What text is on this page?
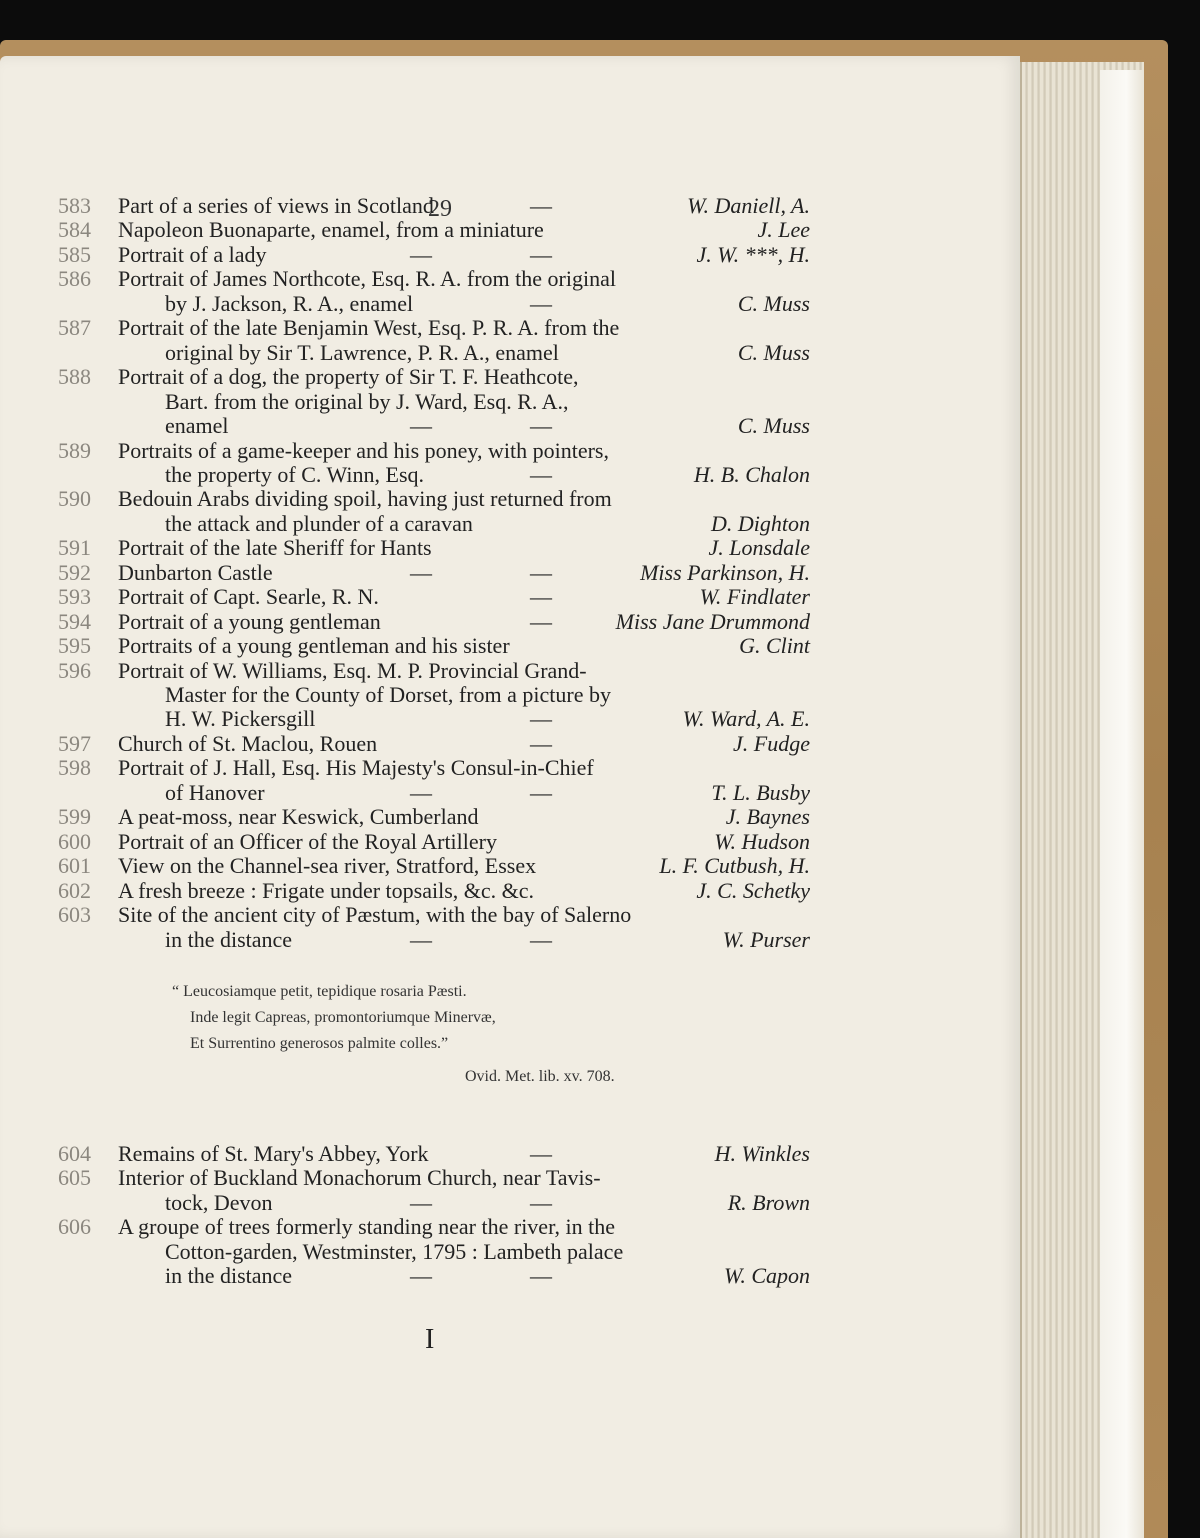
29
583	Part of a series of views in Scotland	—	W. Daniell, A.
584	Napoleon Buonaparte, enamel, from a miniature	J. Lee
585	Portrait of a lady	—	—	J. W. ***, H.
586	Portrait of James Northcote, Esq. R. A. from the original
by J. Jackson, R. A., enamel	—	C. Muss
587	Portrait of the late Benjamin West, Esq. P. R. A. from the
original by Sir T. Lawrence, P. R. A., enamel	C. Muss
588	Portrait of a dog, the property of Sir T. F. Heathcote,
Bart. from the original by J. Ward, Esq. R. A.,
enamel	—	—	C. Muss
589	Portraits of a game-keeper and his poney, with pointers,
the property of C. Winn, Esq.	—	H. B. Chalon
590	Bedouin Arabs dividing spoil, having just returned from
the attack and plunder of a caravan	D. Dighton
591	Portrait of the late Sheriff for Hants	J. Lonsdale
592	Dunbarton Castle	—	—	Miss Parkinson, H.
593	Portrait of Capt. Searle, R. N.	—	W. Findlater
594	Portrait of a young gentleman	—	Miss Jane Drummond
595	Portraits of a young gentleman and his sister	G. Clint
596	Portrait of W. Williams, Esq. M. P. Provincial Grand-
Master for the County of Dorset, from a picture by
H. W. Pickersgill	—	W. Ward, A. E.
597	Church of St. Maclou, Rouen	—	J. Fudge
598	Portrait of J. Hall, Esq. His Majesty's Consul-in-Chief
of Hanover	—	—	T. L. Busby
599	A peat-moss, near Keswick, Cumberland	J. Baynes
600	Portrait of an Officer of the Royal Artillery	W. Hudson
601	View on the Channel-sea river, Stratford, Essex	L. F. Cutbush, H.
602	A fresh breeze : Frigate under topsails, &c. &c.	J. C. Schetky
603	Site of the ancient city of Pæstum, with the bay of Salerno
in the distance	—	—	W. Purser
604	Remains of St. Mary's Abbey, York	—	H. Winkles
605	Interior of Buckland Monachorum Church, near Tavis-
tock, Devon	—	—	R. Brown
606	A groupe of trees formerly standing near the river, in the
Cotton-garden, Westminster, 1795 : Lambeth palace
in the distance	—	—	W. Capon
I
“ Leucosiamque petit, tepidique rosaria Pæsti.
Inde legit Capreas, promontoriumque Minervæ,
Et Surrentino generosos palmite colles.”
Ovid. Met. lib. xv. 708.
